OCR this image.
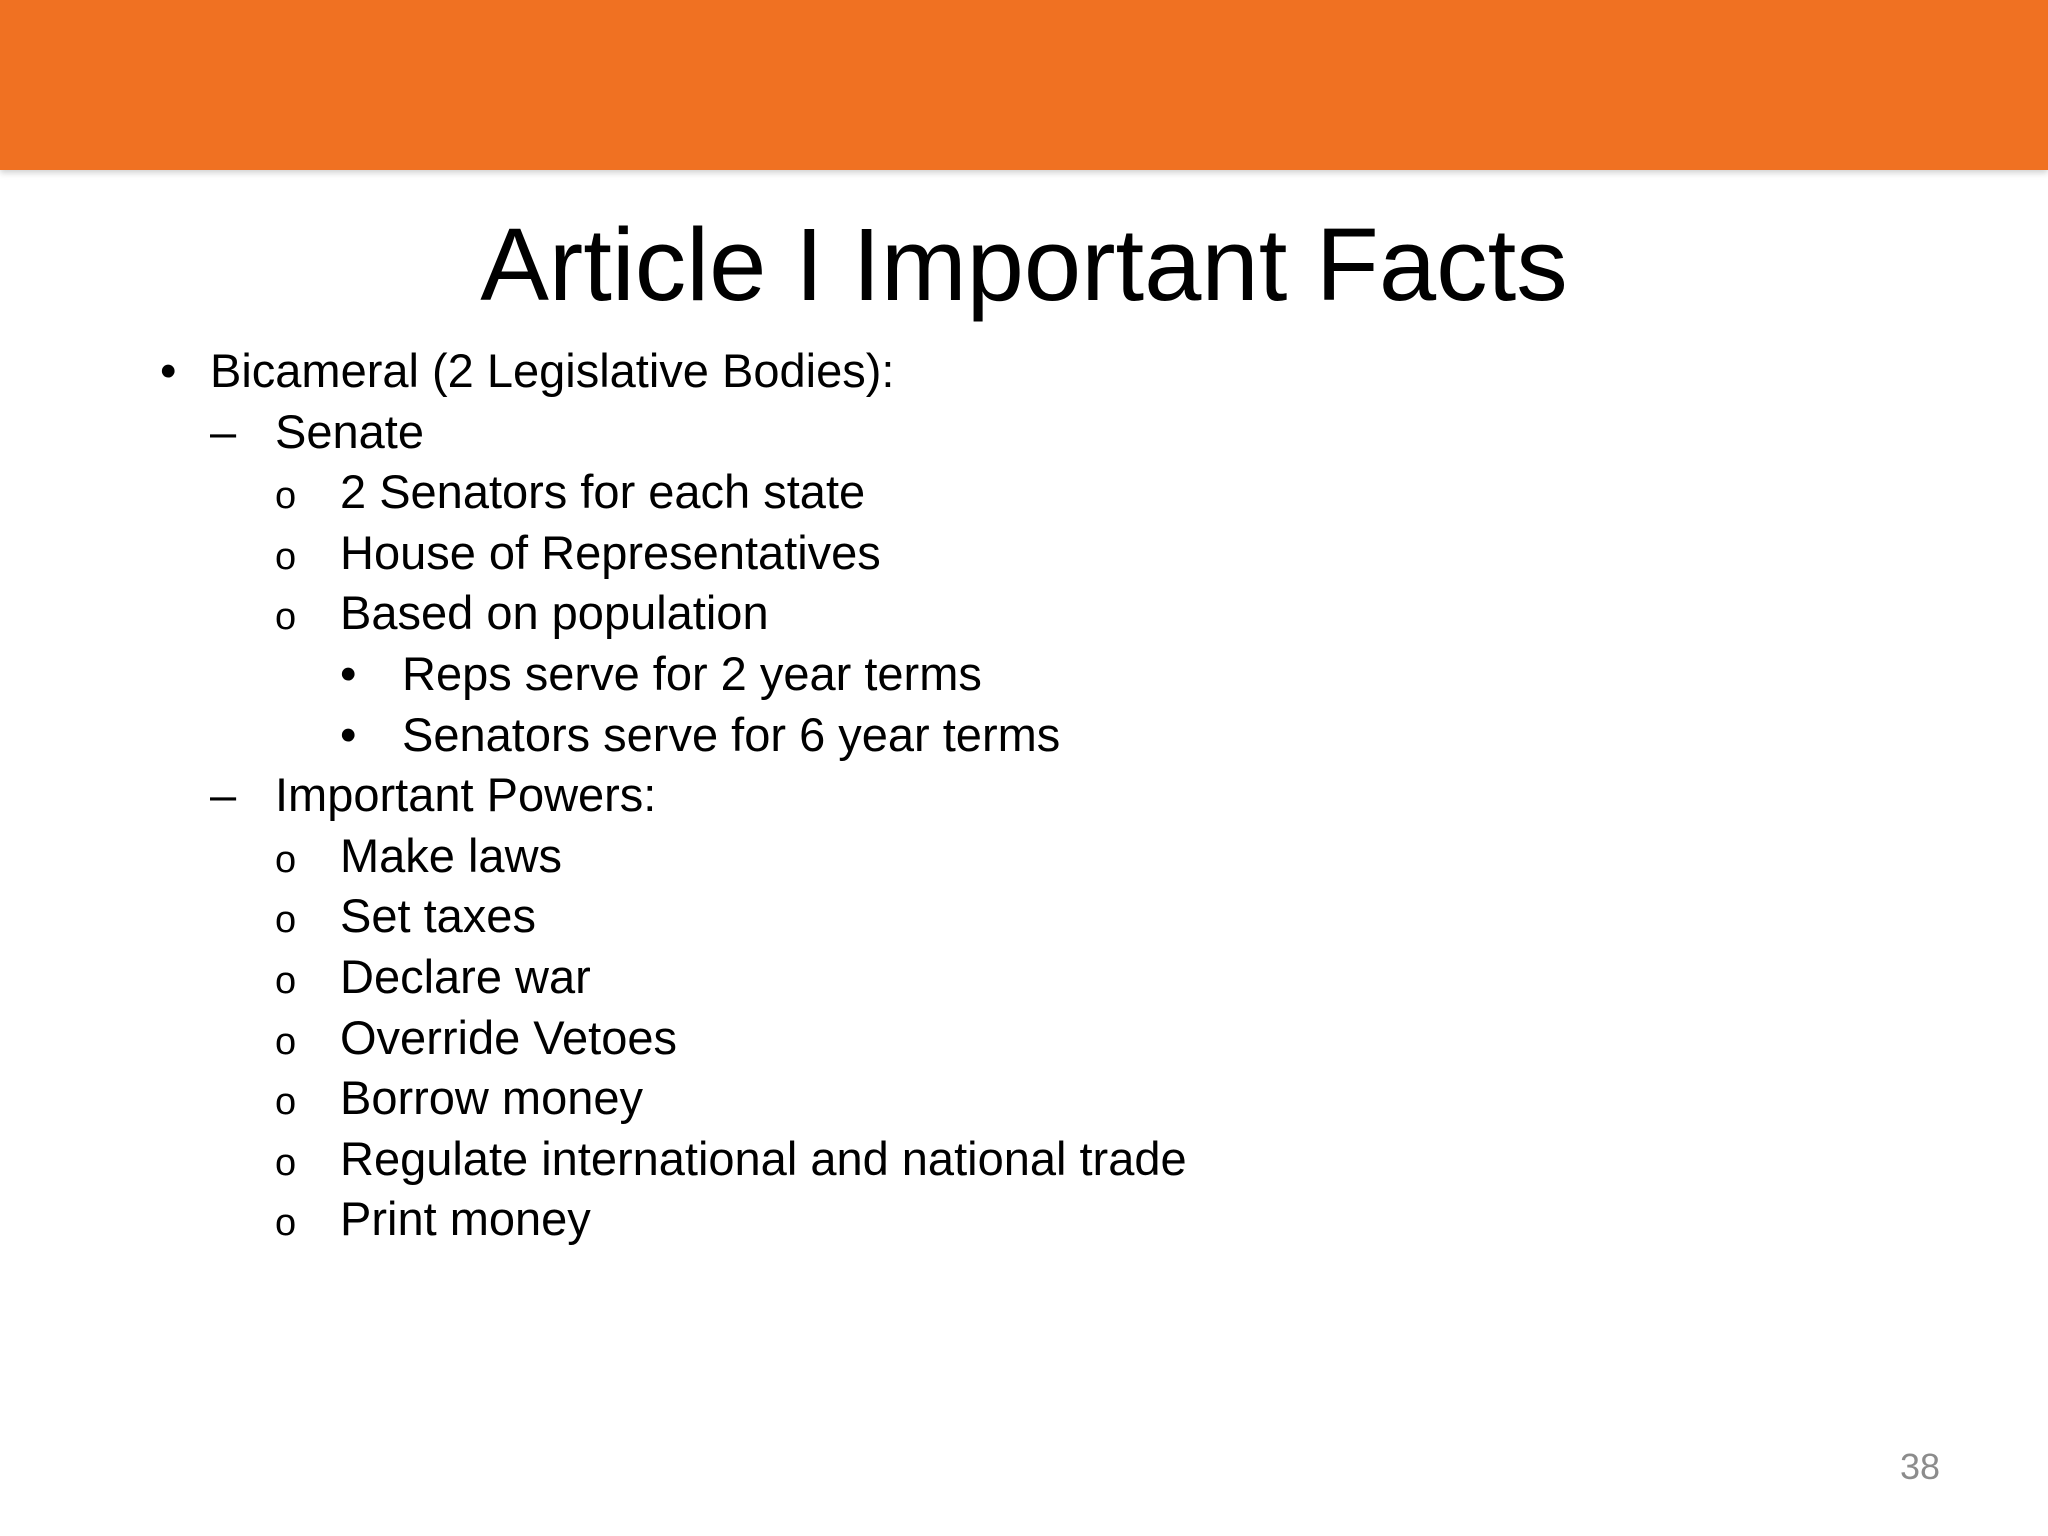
Article I Important Facts
• Bicameral (2 Legislative Bodies):
– Senate
o 2 Senators for each state
o House of Representatives
o Based on population
• Reps serve for 2 year terms
• Senators serve for 6 year terms
– Important Powers:
o Make laws
o Set taxes
o Declare war
o Override Vetoes
o Borrow money
o Regulate international and national trade
o Print money
38
